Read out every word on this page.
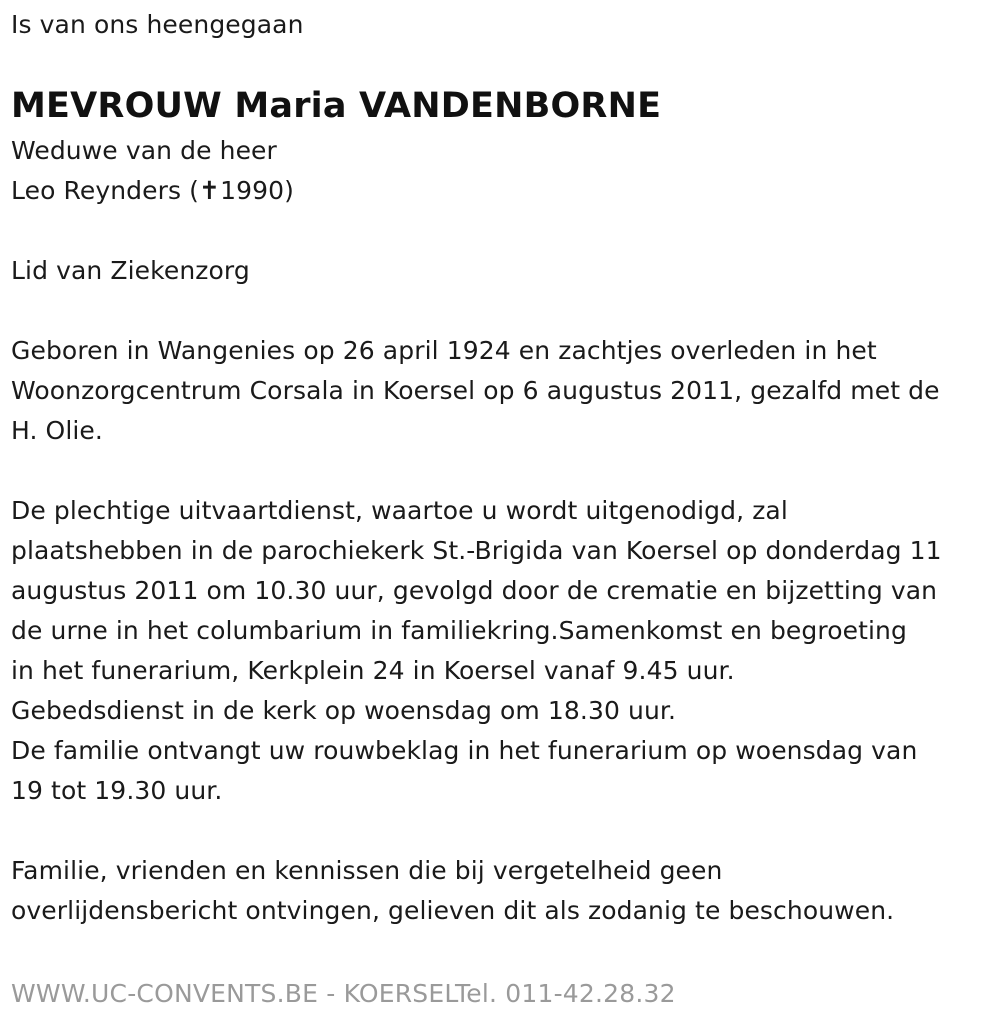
Is van ons heengegaan
MEVROUW Maria VANDENBORNE
Weduwe van de heer
Leo Reynders (✝1990)
Lid van Ziekenzorg
Geboren in Wangenies op 26 april 1924 en zachtjes overleden in het
Woonzorgcentrum Corsala in Koersel op 6 augustus 2011, gezalfd met de
H. Olie.
De plechtige uitvaartdienst, waartoe u wordt uitgenodigd, zal
plaatshebben in de parochiekerk St.-Brigida van Koersel op donderdag 11
augustus 2011 om 10.30 uur, gevolgd door de crematie en bijzetting van
de urne in het columbarium in familiekring.Samenkomst en begroeting
in het funerarium, Kerkplein 24 in Koersel vanaf 9.45 uur.
Gebedsdienst in de kerk op woensdag om 18.30 uur.
De familie ontvangt uw rouwbeklag in het funerarium op woensdag van
19 tot 19.30 uur.
Familie, vrienden en kennissen die bij vergetelheid geen
overlijdensbericht ontvingen, gelieven dit als zodanig te beschouwen.
WWW.UC-CONVENTS.BE - KOERSELTel. 011-42.28.32
